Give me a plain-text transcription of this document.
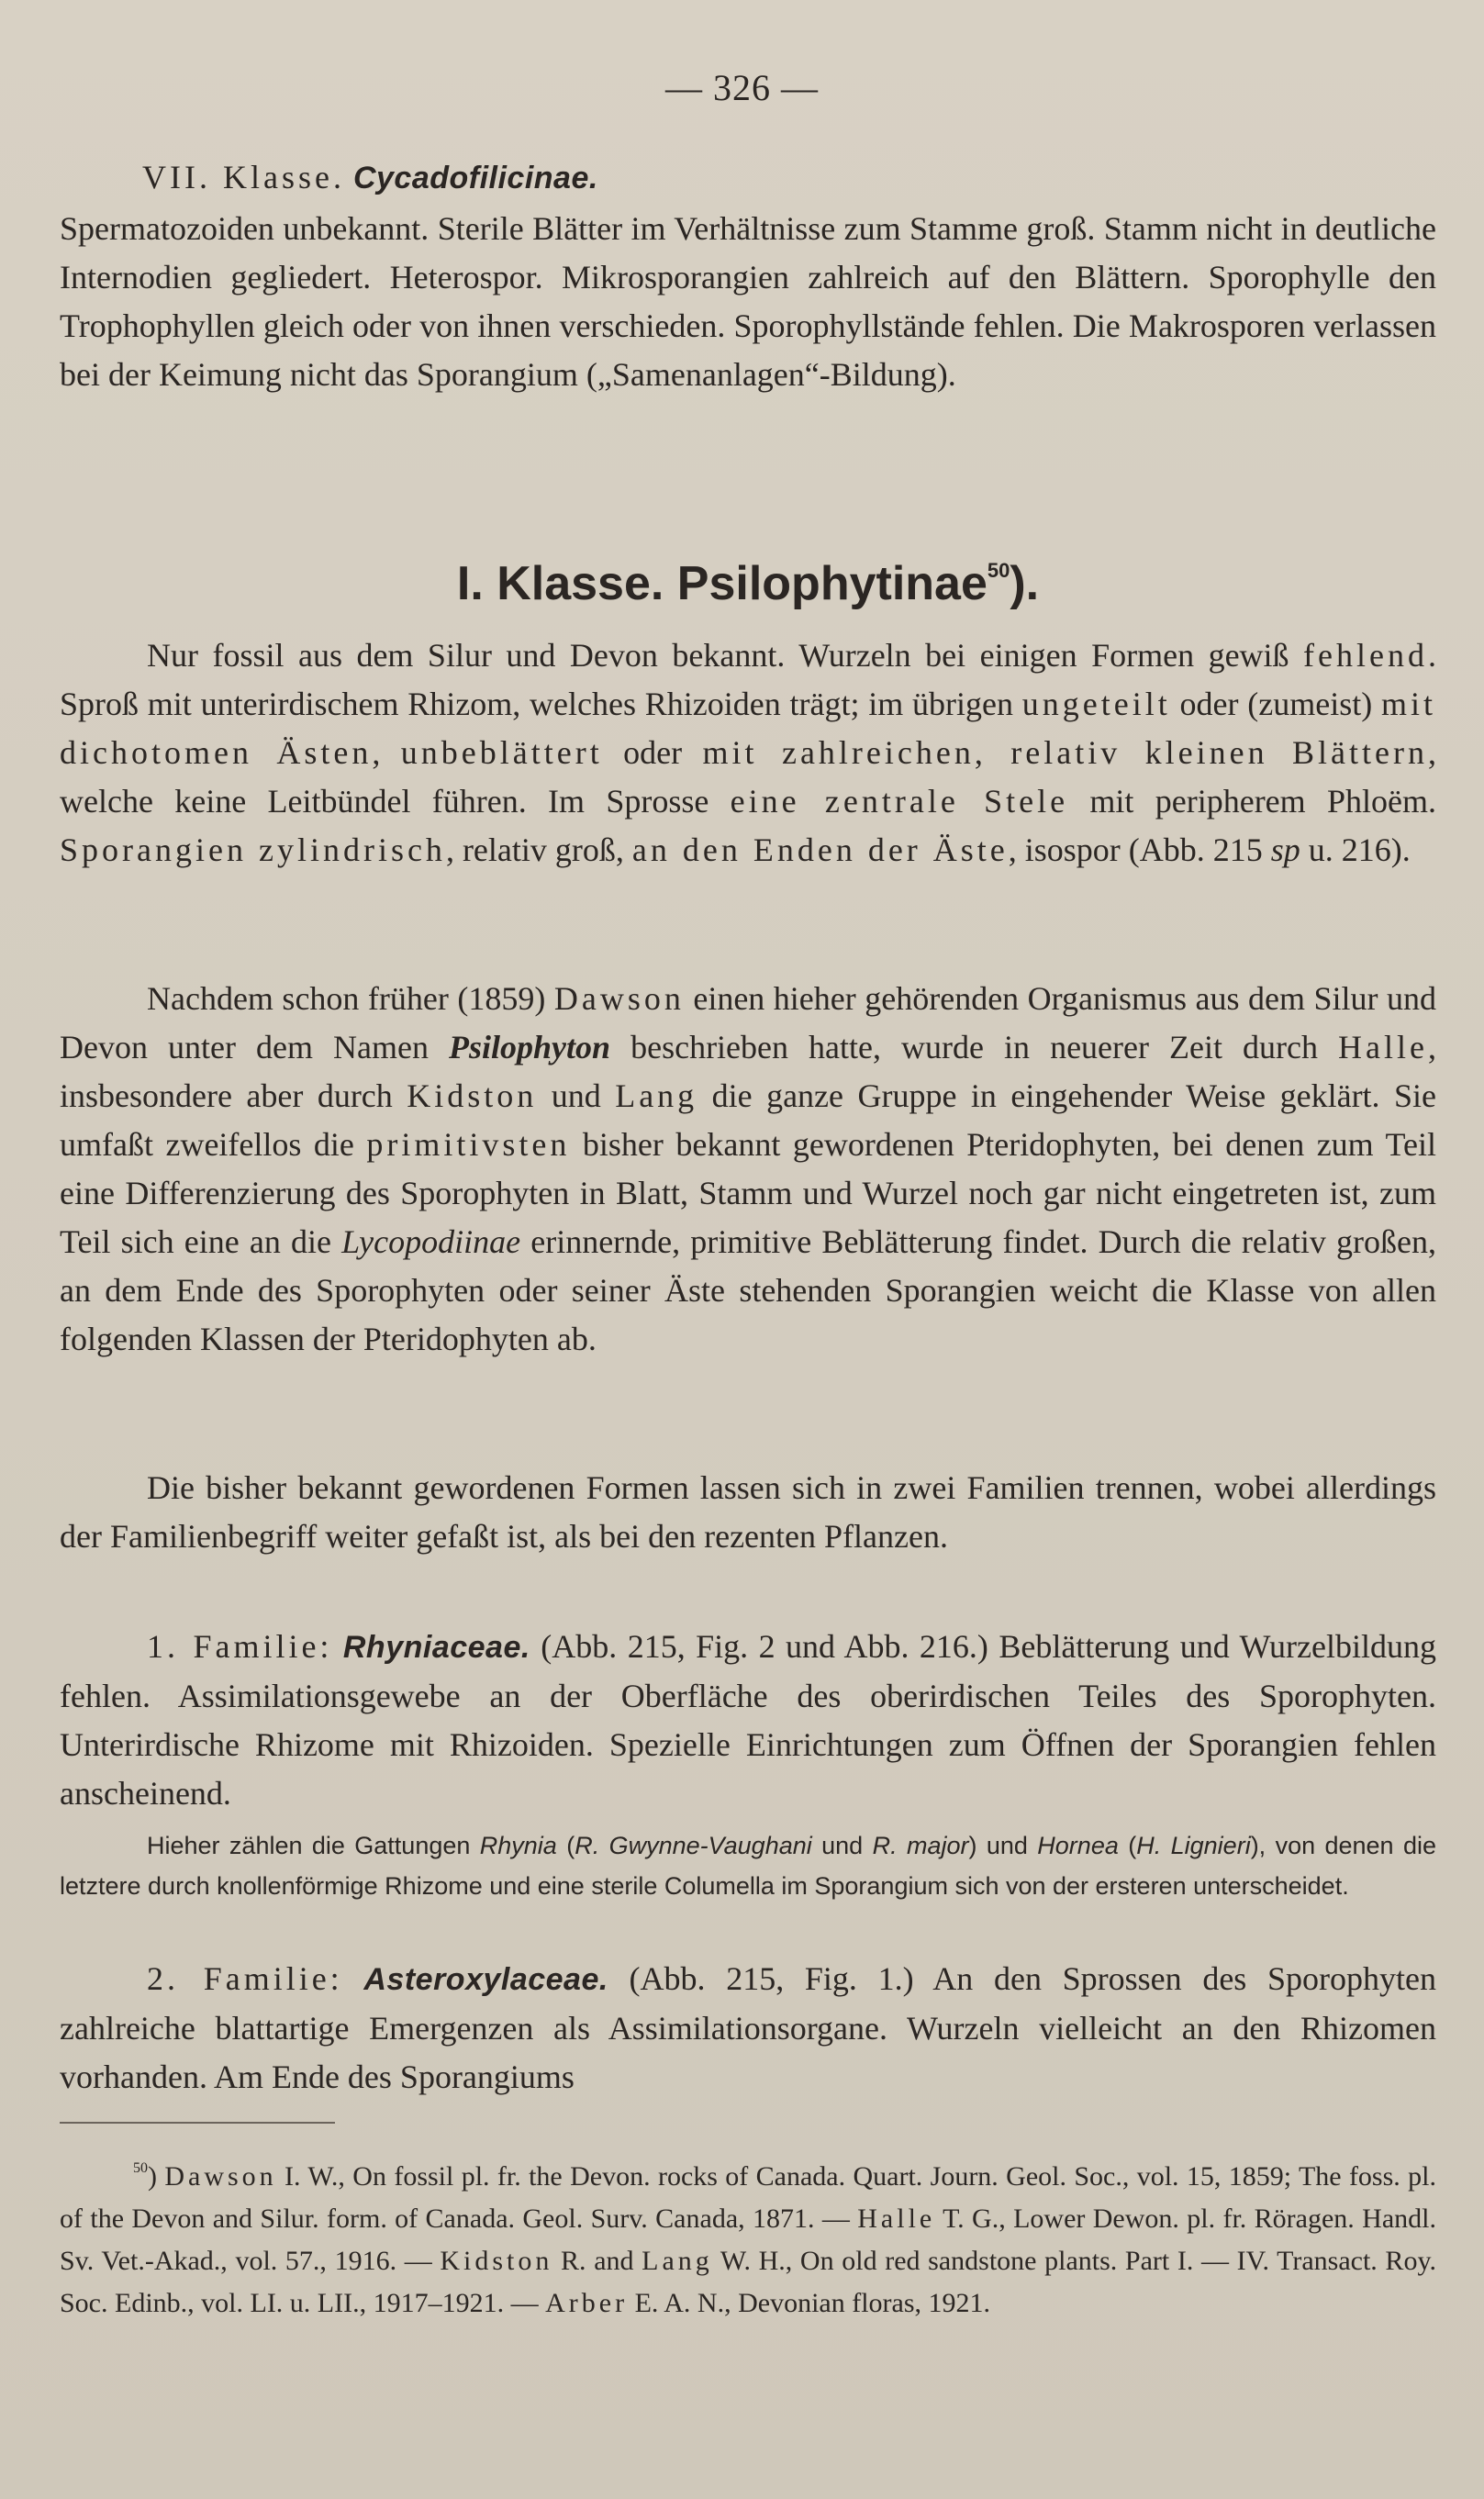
— 326 —

VII. Klasse. Cycadofilicinae.

Spermatozoiden unbekannt. Sterile Blätter im Verhältnisse zum Stamme groß. Stamm nicht in deutliche Internodien gegliedert. Heterospor. Mikrosporangien zahlreich auf den Blättern. Sporophylle den Trophophyllen gleich oder von ihnen verschieden. Sporophyllstände fehlen. Die Makrosporen verlassen bei der Keimung nicht das Sporangium („Samenanlagen“-Bildung).

I. Klasse. Psilophytinae$^{50}$).

Nur fossil aus dem Silur und Devon bekannt. Wurzeln bei einigen Formen gewiß fehlend. Sproß mit unterirdischem Rhizom, welches Rhizoiden trägt; im übrigen ungeteilt oder (zumeist) mit dichotomen Ästen, unbeblättert oder mit zahlreichen, relativ kleinen Blättern, welche keine Leitbündel führen. Im Sprosse eine zentrale Stele mit peripherem Phloëm. Sporangien zylindrisch, relativ groß, an den Enden der Äste, isospor (Abb. 215 sp u. 216).

Nachdem schon früher (1859) Dawson einen hieher gehörenden Organismus aus dem Silur und Devon unter dem Namen Psilophyton beschrieben hatte, wurde in neuerer Zeit durch Halle, insbesondere aber durch Kidston und Lang die ganze Gruppe in eingehender Weise geklärt. Sie umfaßt zweifellos die primitivsten bisher bekannt gewordenen Pteridophyten, bei denen zum Teil eine Differenzierung des Sporophyten in Blatt, Stamm und Wurzel noch gar nicht eingetreten ist, zum Teil sich eine an die Lycopodiinae erinnernde, primitive Beblätterung findet. Durch die relativ großen, an dem Ende des Sporophyten oder seiner Äste stehenden Sporangien weicht die Klasse von allen folgenden Klassen der Pteridophyten ab.

Die bisher bekannt gewordenen Formen lassen sich in zwei Familien trennen, wobei allerdings der Familienbegriff weiter gefaßt ist, als bei den rezenten Pflanzen.

1. Familie: Rhyniaceae. (Abb. 215, Fig. 2 und Abb. 216.) Beblätterung und Wurzelbildung fehlen. Assimilationsgewebe an der Oberfläche des oberirdischen Teiles des Sporophyten. Unterirdische Rhizome mit Rhizoiden. Spezielle Einrichtungen zum Öffnen der Sporangien fehlen anscheinend.

Hieher zählen die Gattungen Rhynia (R. Gwynne-Vaughani und R. major) und Hornea (H. Lignieri), von denen die letztere durch knollenförmige Rhizome und eine sterile Columella im Sporangium sich von der ersteren unterscheidet.

2. Familie: Asteroxylaceae. (Abb. 215, Fig. 1.) An den Sprossen des Sporophyten zahlreiche blattartige Emergenzen als Assimilationsorgane. Wurzeln vielleicht an den Rhizomen vorhanden. Am Ende des Sporangiums

$^{50}$) Dawson I. W., On fossil pl. fr. the Devon. rocks of Canada. Quart. Journ. Geol. Soc., vol. 15, 1859; The foss. pl. of the Devon and Silur. form. of Canada. Geol. Surv. Canada, 1871. — Halle T. G., Lower Dewon. pl. fr. Röragen. Handl. Sv. Vet.-Akad., vol. 57., 1916. — Kidston R. and Lang W. H., On old red sandstone plants. Part I. — IV. Transact. Roy. Soc. Edinb., vol. LI. u. LII., 1917–1921. — Arber E. A. N., Devonian floras, 1921.
